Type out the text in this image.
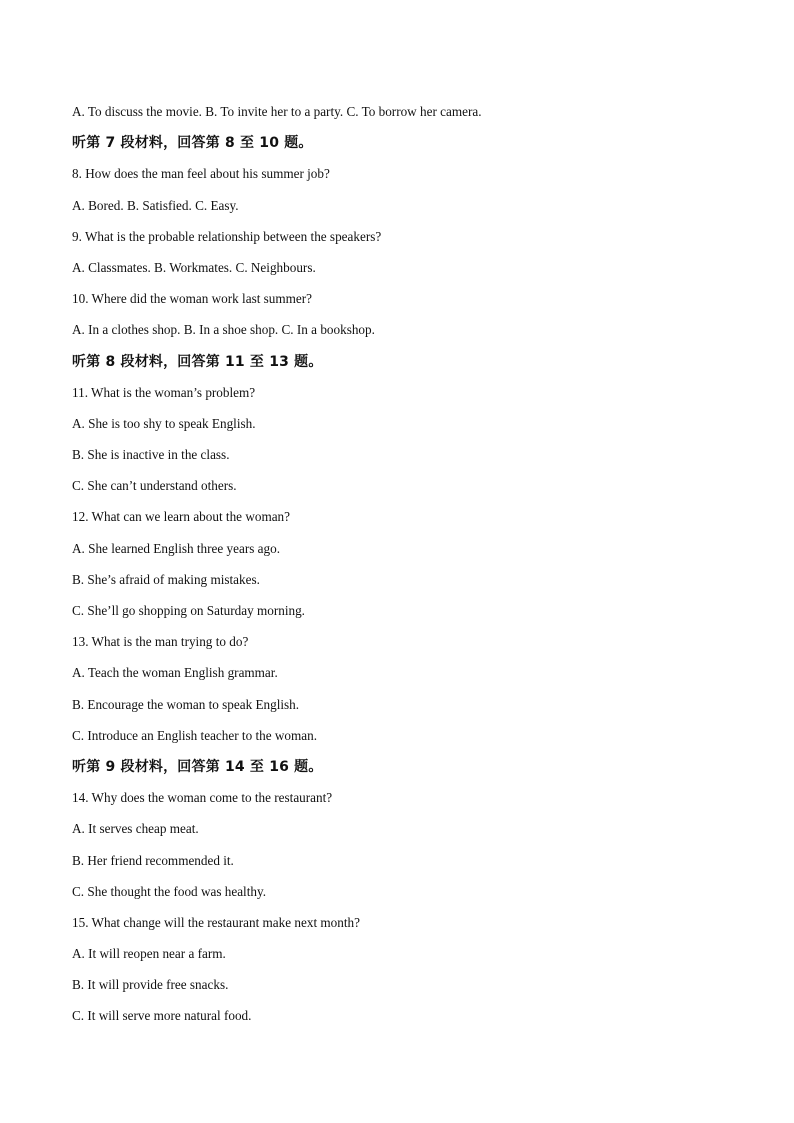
A. To discuss the movie. B. To invite her to a party. C. To borrow her camera.
听第 7 段材料，回答第 8 至 10 题。
8. How does the man feel about his summer job?
A. Bored. B. Satisfied. C. Easy.
9. What is the probable relationship between the speakers?
A. Classmates. B. Workmates. C. Neighbours.
10. Where did the woman work last summer?
A. In a clothes shop. B. In a shoe shop. C. In a bookshop.
听第 8 段材料，回答第 11 至 13 题。
11. What is the woman’s problem?
A. She is too shy to speak English.
B. She is inactive in the class.
C. She can’t understand others.
12. What can we learn about the woman?
A. She learned English three years ago.
B. She’s afraid of making mistakes.
C. She’ll go shopping on Saturday morning.
13. What is the man trying to do?
A. Teach the woman English grammar.
B. Encourage the woman to speak English.
C. Introduce an English teacher to the woman.
听第 9 段材料，回答第 14 至 16 题。
14. Why does the woman come to the restaurant?
A. It serves cheap meat.
B. Her friend recommended it.
C. She thought the food was healthy.
15. What change will the restaurant make next month?
A. It will reopen near a farm.
B. It will provide free snacks.
C. It will serve more natural food.
